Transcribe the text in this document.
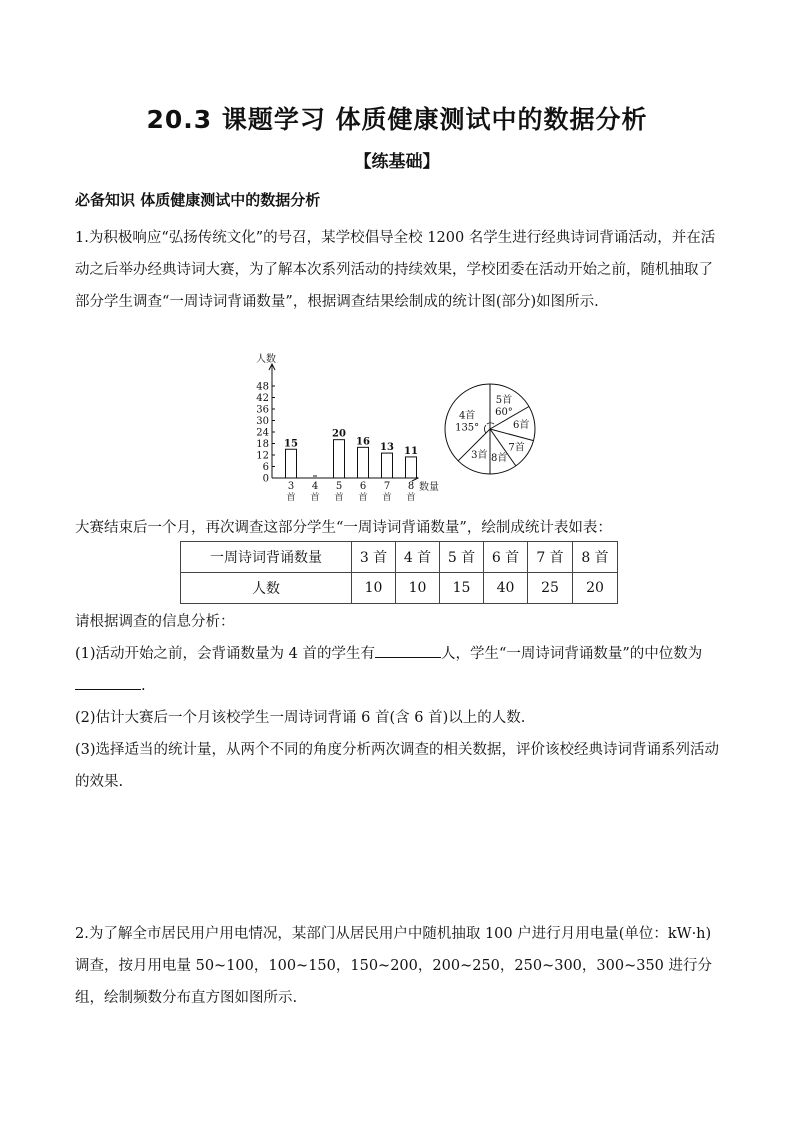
20.3 课题学习 体质健康测试中的数据分析
【练基础】
必备知识 体质健康测试中的数据分析
1.为积极响应“弘扬传统文化”的号召，某学校倡导全校 1200 名学生进行经典诗词背诵活动，并在活动之后举办经典诗词大赛，为了解本次系列活动的持续效果，学校团委在活动开始之前，随机抽取了部分学生调查“一周诗词背诵数量”，根据调查结果绘制成的统计图(部分)如图所示.
人数
数量
0
6
12
18
24
30
36
42
48
3
首
15
4
首
5
首
20
6
首
16
7
首
13
8
首
11
4首
135°
5首
60°
6首
7首
8首
3首
大赛结束后一个月，再次调查这部分学生“一周诗词背诵数量”，绘制成统计表如表：
一周诗词背诵数量	3 首	4 首	5 首	6 首	7 首	8 首
人数	10	10	15	40	25	20
请根据调查的信息分析：
(1)活动开始之前，会背诵数量为 4 首的学生有	人，学生“一周诗词背诵数量”的中位数为.
(2)估计大赛后一个月该校学生一周诗词背诵 6 首(含 6 首)以上的人数.
(3)选择适当的统计量，从两个不同的角度分析两次调查的相关数据，评价该校经典诗词背诵系列活动的效果.
2.为了解全市居民用户用电情况，某部门从居民用户中随机抽取 100 户进行月用电量(单位：kW·h)调查，按月用电量 50~100，100~150，150~200，200~250，250~300，300~350 进行分组，绘制频数分布直方图如图所示.
